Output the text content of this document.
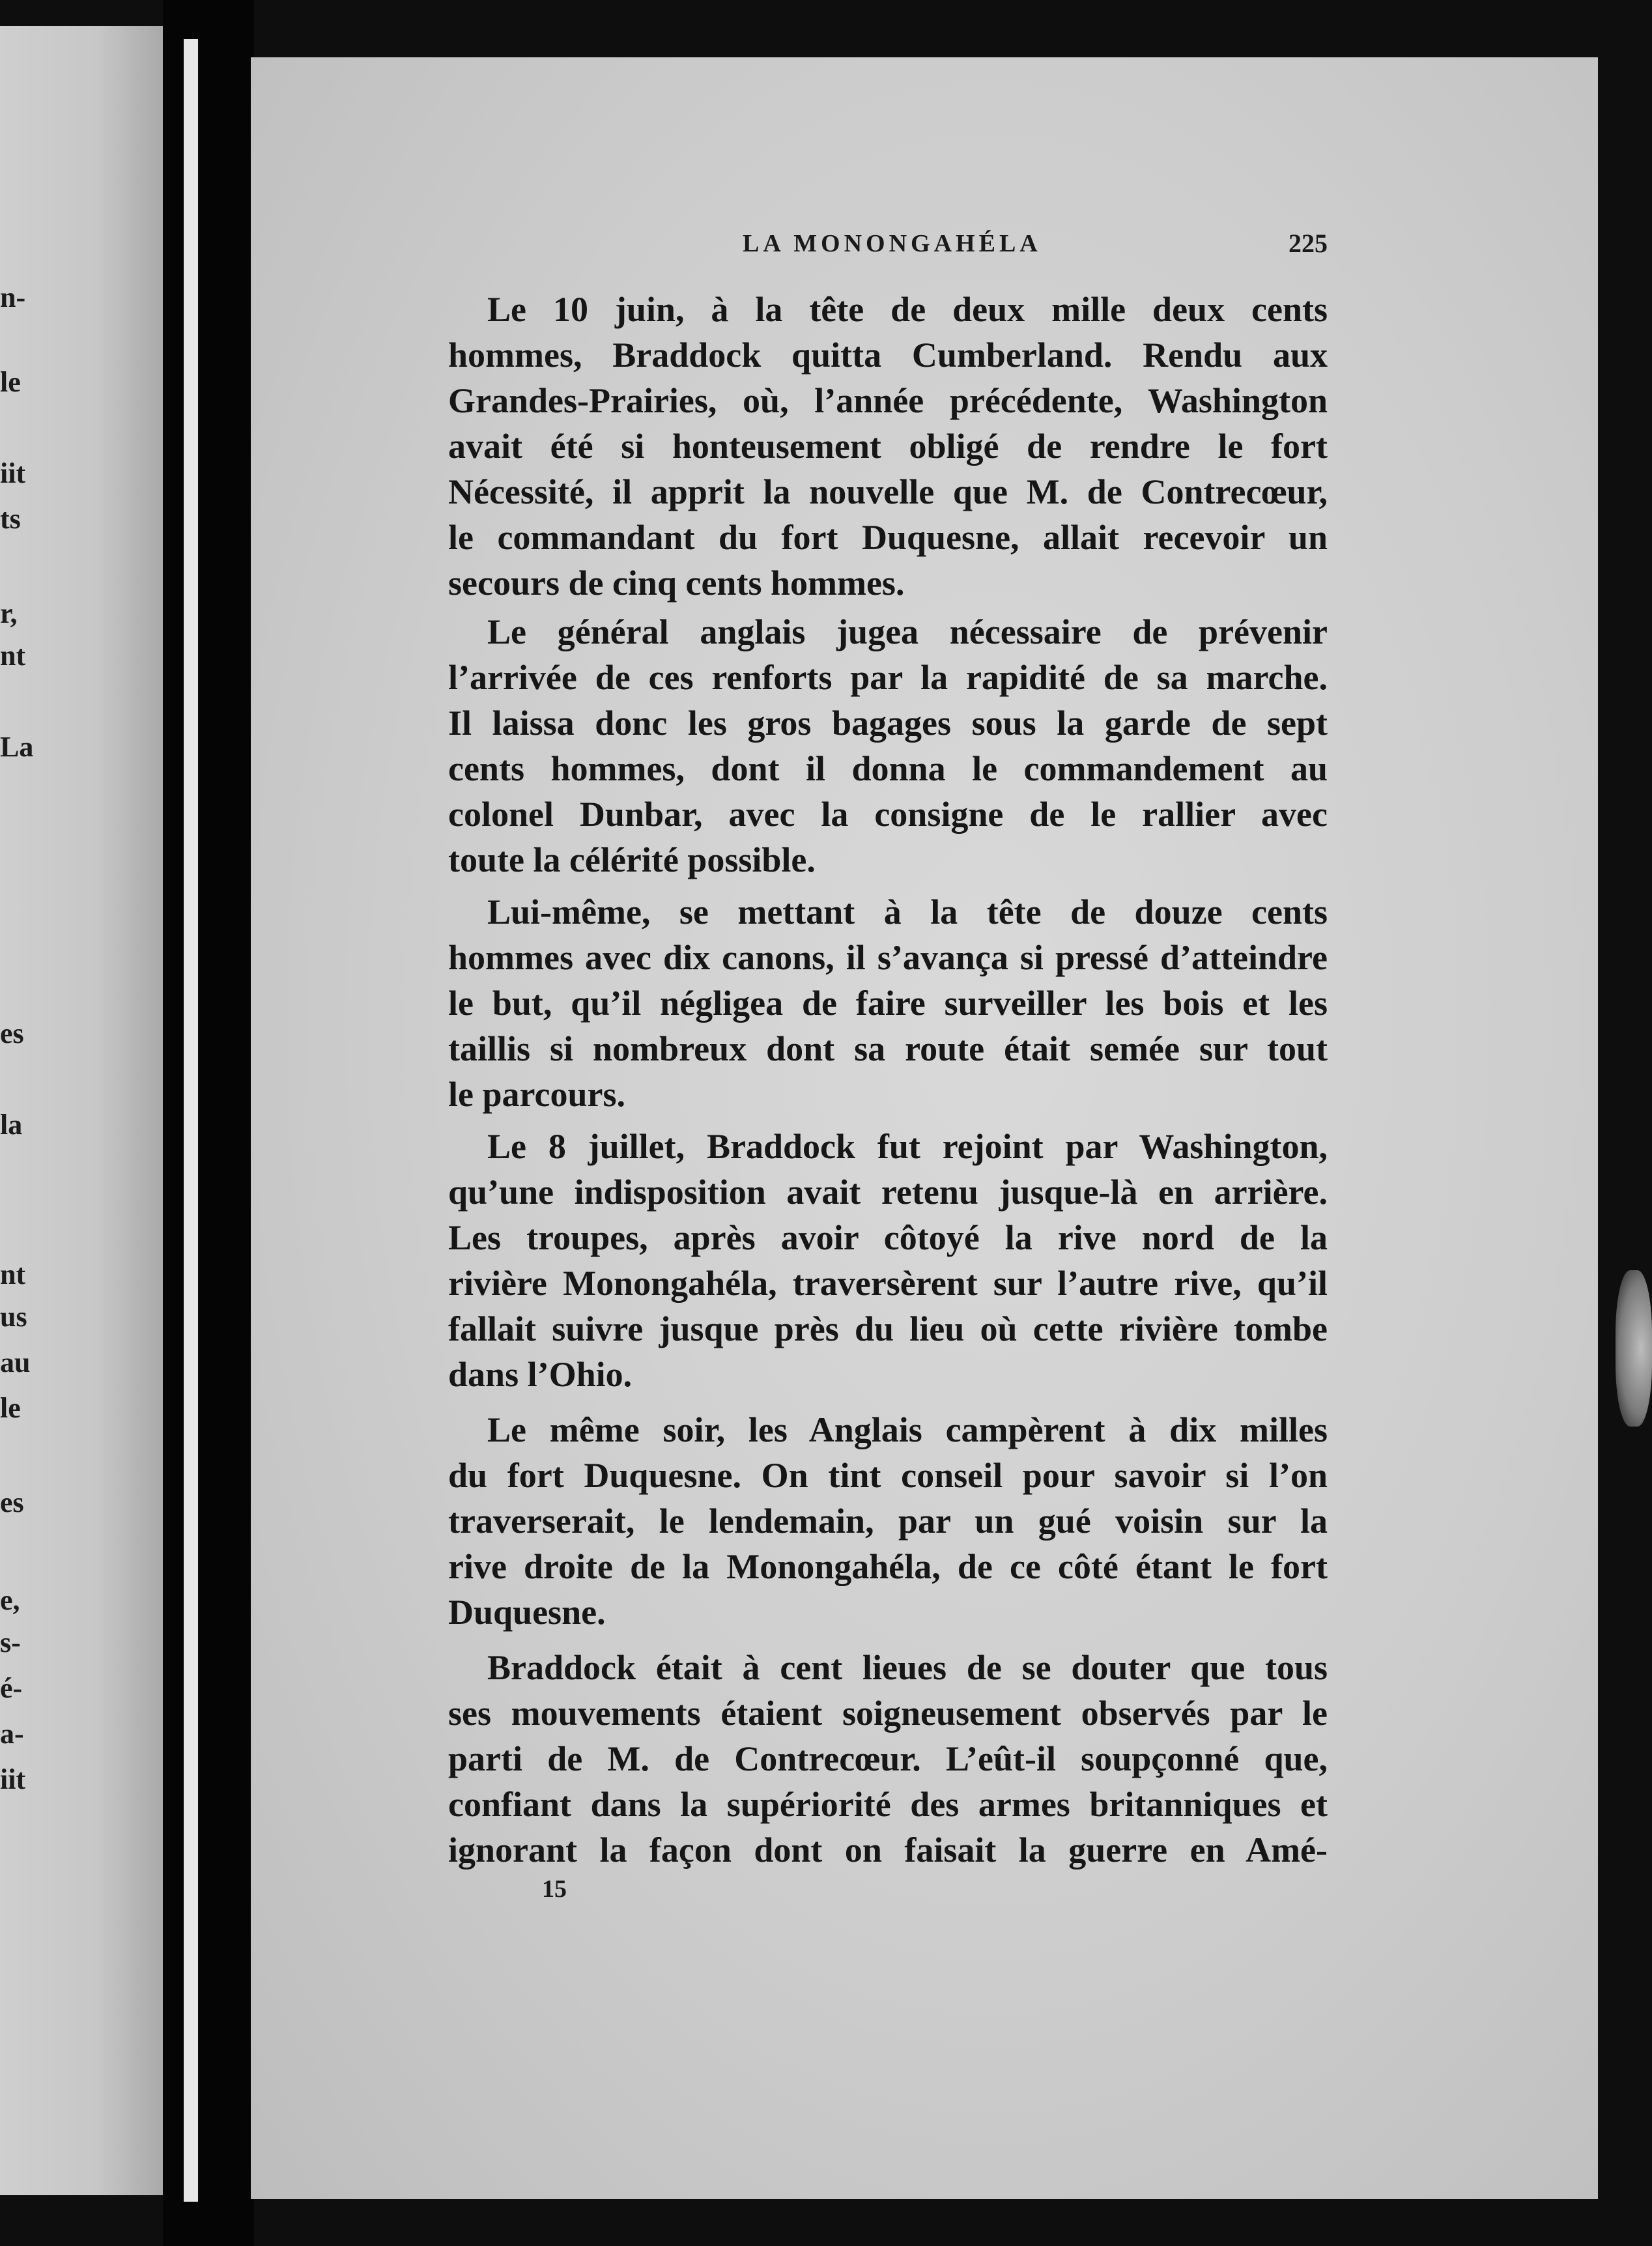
n-

le

iit

ts

r,

nt

La

es

la

nt

us

au

le

es

e,

s-

é-

a-

iit

LA MONONGAHÉLA	225

Le 10 juin, à la tête de deux mille deux cents

hommes, Braddock quitta Cumberland. Rendu aux

Grandes-Prairies, où, l’année précédente, Washington

avait été si honteusement obligé de rendre le fort

Nécessité, il apprit la nouvelle que M. de Contrecœur,

le commandant du fort Duquesne, allait recevoir un

secours de cinq cents hommes.

Le général anglais jugea nécessaire de prévenir

l’arrivée de ces renforts par la rapidité de sa marche.

Il laissa donc les gros bagages sous la garde de sept

cents hommes, dont il donna le commandement au

colonel Dunbar, avec la consigne de le rallier avec

toute la célérité possible.

Lui-même, se mettant à la tête de douze cents

hommes avec dix canons, il s’avança si pressé d’atteindre

le but, qu’il négligea de faire surveiller les bois et les

taillis si nombreux dont sa route était semée sur tout

le parcours.

Le 8 juillet, Braddock fut rejoint par Washington,

qu’une indisposition avait retenu jusque-là en arrière.

Les troupes, après avoir côtoyé la rive nord de la

rivière Monongahéla, traversèrent sur l’autre rive, qu’il

fallait suivre jusque près du lieu où cette rivière tombe

dans l’Ohio.

Le même soir, les Anglais campèrent à dix milles

du fort Duquesne. On tint conseil pour savoir si l’on

traverserait, le lendemain, par un gué voisin sur la

rive droite de la Monongahéla, de ce côté étant le fort

Duquesne.

Braddock était à cent lieues de se douter que tous

ses mouvements étaient soigneusement observés par le

parti de M. de Contrecœur. L’eût-il soupçonné que,

confiant dans la supériorité des armes britanniques et

ignorant la façon dont on faisait la guerre en Amé-

15
